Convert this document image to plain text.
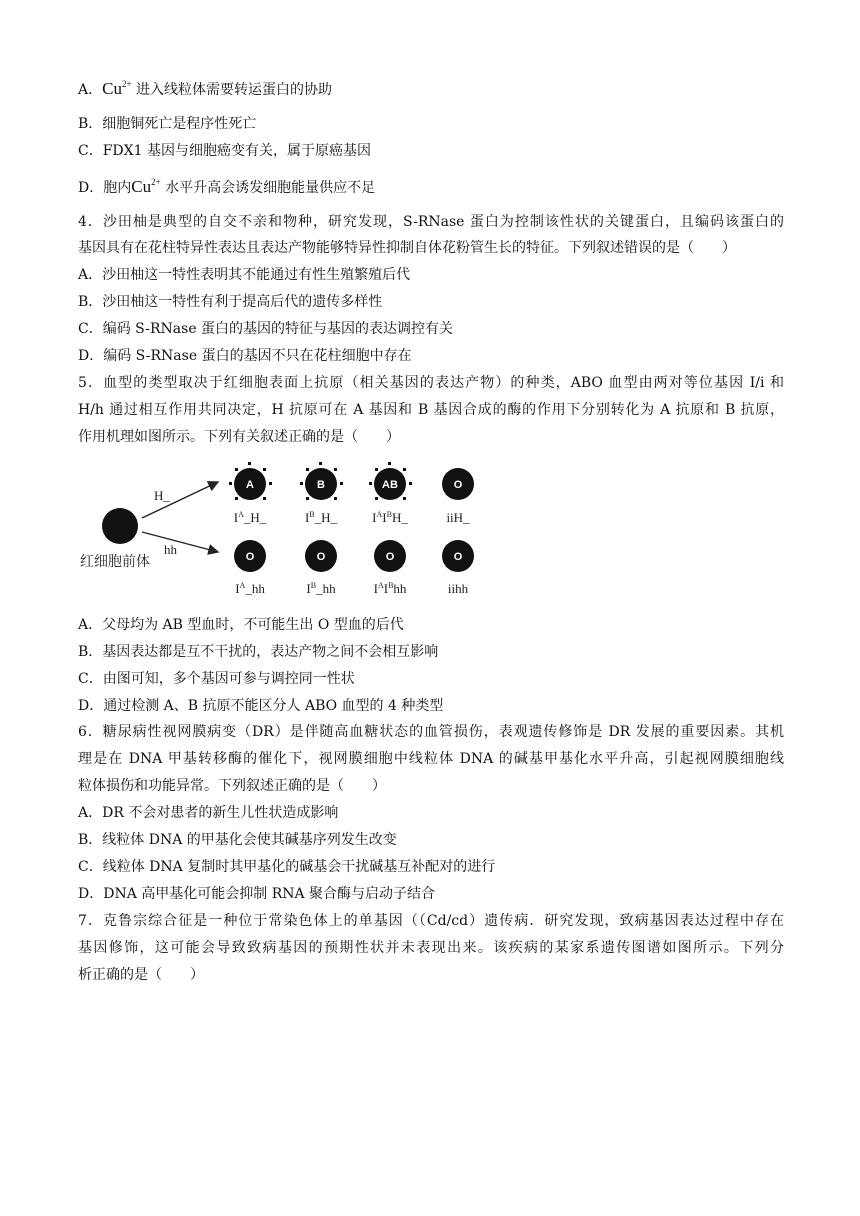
A．$Cu^{2+}$ 进入线粒体需要转运蛋白的协助
B．细胞铜死亡是程序性死亡
C．FDX1 基因与细胞癌变有关，属于原癌基因
D．胞内$Cu^{2+}$ 水平升高会诱发细胞能量供应不足
4．沙田柚是典型的自交不亲和物种，研究发现，S-RNase 蛋白为控制该性状的关键蛋白，且编码该蛋白的
基因具有在花柱特异性表达且表达产物能够特异性抑制自体花粉管生长的特征。下列叙述错误的是（　　）
A．沙田柚这一特性表明其不能通过有性生殖繁殖后代
B．沙田柚这一特性有利于提高后代的遗传多样性
C．编码 S-RNase 蛋白的基因的特征与基因的表达调控有关
D．编码 S-RNase 蛋白的基因不只在花柱细胞中存在
5．血型的类型取决于红细胞表面上抗原（相关基因的表达产物）的种类，ABO 血型由两对等位基因 I/i 和
H/h 通过相互作用共同决定，H 抗原可在 A 基因和 B 基因合成的酶的作用下分别转化为 A 抗原和 B 抗原，
作用机理如图所示。下列有关叙述正确的是（　　）
红细胞前体
H_
hh
A	B	AB	O
$I^A\_H\_$	$I^B\_H\_$	$I^AI^BH\_$	iiH_
O	O	O	O
$I^A\_hh$	$I^B\_hh$	$I^AI^Bhh$	iihh
A．父母均为 AB 型血时，不可能生出 O 型血的后代
B．基因表达都是互不干扰的，表达产物之间不会相互影响
C．由图可知，多个基因可参与调控同一性状
D．通过检测 A、B 抗原不能区分人 ABO 血型的 4 种类型
6．糖尿病性视网膜病变（DR）是伴随高血糖状态的血管损伤，表观遗传修饰是 DR 发展的重要因素。其机
理是在 DNA 甲基转移酶的催化下，视网膜细胞中线粒体 DNA 的碱基甲基化水平升高，引起视网膜细胞线
粒体损伤和功能异常。下列叙述正确的是（　　）
A．DR 不会对患者的新生儿性状造成影响
B．线粒体 DNA 的甲基化会使其碱基序列发生改变
C．线粒体 DNA 复制时其甲基化的碱基会干扰碱基互补配对的进行
D．DNA 高甲基化可能会抑制 RNA 聚合酶与启动子结合
7．克鲁宗综合征是一种位于常染色体上的单基因（（Cd/cd）遗传病．研究发现，致病基因表达过程中存在
基因修饰，这可能会导致致病基因的预期性状并未表现出来。该疾病的某家系遗传图谱如图所示。下列分
析正确的是（　　）
